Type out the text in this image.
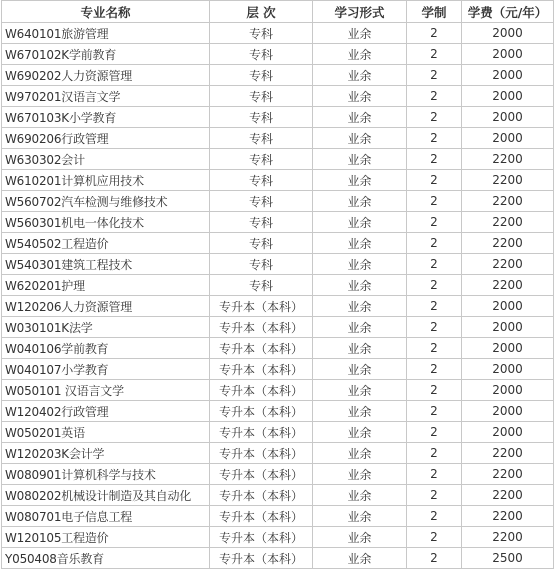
专业名称	层 次	学习形式	学制	学费（元/年）
W640101旅游管理	专科	业余	2	2000
W670102K学前教育	专科	业余	2	2000
W690202人力资源管理	专科	业余	2	2000
W970201汉语言文学	专科	业余	2	2000
W670103K小学教育	专科	业余	2	2000
W690206行政管理	专科	业余	2	2000
W630302会计	专科	业余	2	2200
W610201计算机应用技术	专科	业余	2	2200
W560702汽车检测与维修技术	专科	业余	2	2200
W560301机电一体化技术	专科	业余	2	2200
W540502工程造价	专科	业余	2	2200
W540301建筑工程技术	专科	业余	2	2200
W620201护理	专科	业余	2	2200
W120206人力资源管理	专升本（本科）	业余	2	2000
W030101K法学	专升本（本科）	业余	2	2000
W040106学前教育	专升本（本科）	业余	2	2000
W040107小学教育	专升本（本科）	业余	2	2000
W050101 汉语言文学	专升本（本科）	业余	2	2000
W120402行政管理	专升本（本科）	业余	2	2000
W050201英语	专升本（本科）	业余	2	2000
W120203K会计学	专升本（本科）	业余	2	2200
W080901计算机科学与技术	专升本（本科）	业余	2	2200
W080202机械设计制造及其自动化	专升本（本科）	业余	2	2200
W080701电子信息工程	专升本（本科）	业余	2	2200
W120105工程造价	专升本（本科）	业余	2	2200
Y050408音乐教育	专升本（本科）	业余	2	2500
